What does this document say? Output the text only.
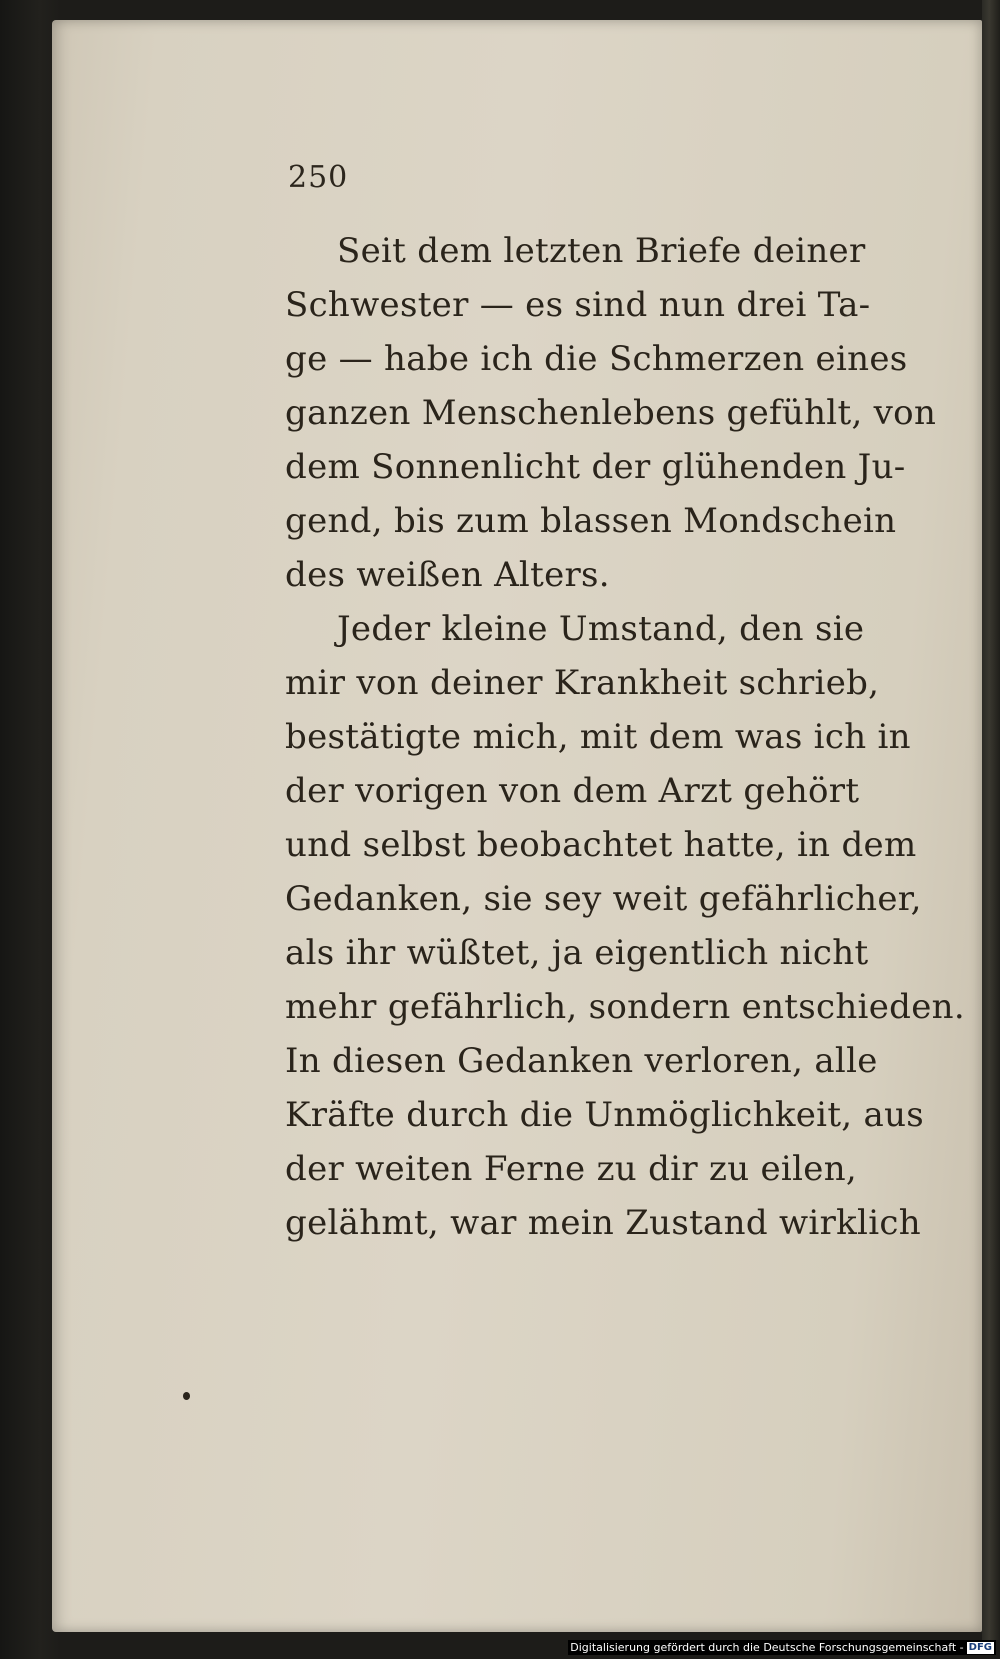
250
Seit dem letzten Briefe deiner
Schwester — es sind nun drei Ta-
ge — habe ich die Schmerzen eines
ganzen Menschenlebens gefühlt, von
dem Sonnenlicht der glühenden Ju-
gend, bis zum blassen Mondschein
des weißen Alters.
Jeder kleine Umstand, den sie
mir von deiner Krankheit schrieb,
bestätigte mich, mit dem was ich in
der vorigen von dem Arzt gehört
und selbst beobachtet hatte, in dem
Gedanken, sie sey weit gefährlicher,
als ihr wüßtet, ja eigentlich nicht
mehr gefährlich, sondern entschieden.
In diesen Gedanken verloren, alle
Kräfte durch die Unmöglichkeit, aus
der weiten Ferne zu dir zu eilen,
gelähmt, war mein Zustand wirklich
Digitalisierung gefördert durch die Deutsche Forschungsgemeinschaft - DFG
